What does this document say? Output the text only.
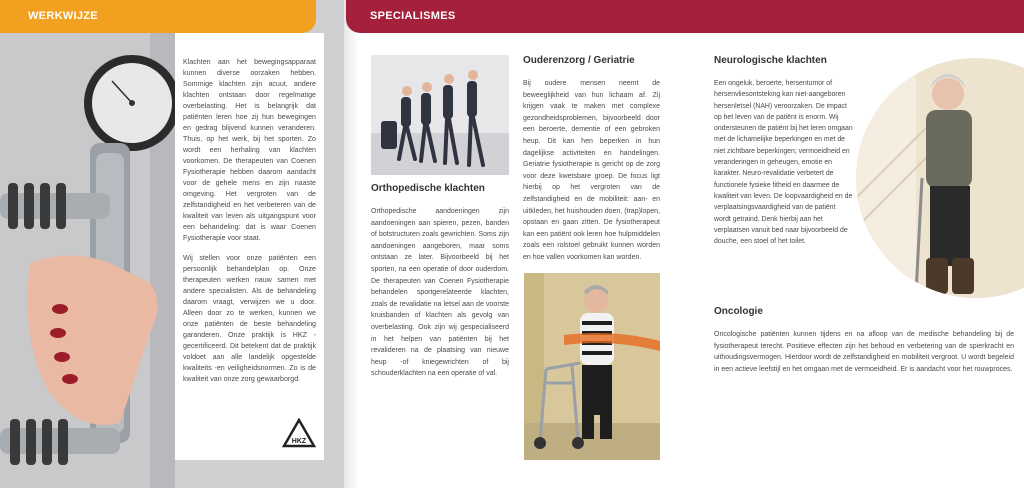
WERKWIJZE

Klachten aan het bewegingsapparaat kunnen diverse oorzaken hebben. Sommige klachten zijn acuut, andere klachten ontstaan door regelmatige overbelasting. Het is belangrijk dat patiënten leren hoe zij hun bewegingen en gedrag blijvend kunnen veranderen. Thuis, op het werk, bij het sporten. Zo wordt een herhaling van klachten voorkomen. De therapeuten van Coenen Fysiotherapie hebben daarom aandacht voor de gehele mens en zijn naaste omgeving. Het vergroten van de zelfstandigheid en het verbeteren van de kwaliteit van leven als uitgangspunt voor een behandeling: dat is waar Coenen Fysiotherapie voor staat.

Wij stellen voor onze patiënten een persoonlijk behandelplan op. Onze therapeuten werken nauw samen met andere specialisten. Als de behandeling daarom vraagt, verwijzen we u door. Alleen door zo te werken, kunnen we onze patiënten de beste behandeling garanderen. Onze praktijk is HKZ -gecertificeerd. Dit betekent dat de praktijk voldoet aan alle landelijk opgestelde kwaliteits -en veiligheidsnormen. Zo is de kwaliteit van onze zorg gewaarborgd.

HKZ
SPECIALISMES
Orthopedische klachten

Orthopedische aandoeningen zijn aandoeningen aan spieren, pezen, banden of botstructuren zoals gewrichten. Soms zijn aandoeningen aangeboren, maar soms ontstaan ze later. Bijvoorbeeld bij het sporten, na een operatie of door ouderdom. De therapeuten van Coenen Fysiotherapie behandelen sportgerelateerde klachten, zoals de revalidatie na letsel aan de voorste kruisbanden of klachten als gevolg van overbelasting. Ook zijn wij gespecialiseerd in het helpen van patiënten bij het revalideren na de plaatsing van nieuwe heup -of kniegewrichten of bij schouderklachten na een operatie of val.

Ouderenzorg / Geriatrie

Bij oudere mensen neemt de beweeglijkheid van hun lichaam af. Zij krijgen vaak te maken met complexe gezondheidsproblemen, bijvoorbeeld door een beroerte, dementie of een gebroken heup. Dit kan hen beperken in hun dagelijkse activiteiten en handelingen. Geriatrie fysiotherapie is gericht op de zorg voor deze kwetsbare groep. De focus ligt hierbij op het vergroten van de zelfstandigheid en de mobiliteit: aan- en uitkleden, het huishouden doen, (trap)lopen, opstaan en gaan zitten. De fysiotherapeut kan een patiënt ook leren hoe hulpmiddelen zoals een rolstoel gebruikt kunnen worden en hoe vallen voorkomen kan worden.

Neurologische klachten

Een ongeluk, beroerte, hersentumor of hersenvliesontsteking kan niet-aangeboren hersenletsel (NAH) veroorzaken. De impact op het leven van de patiënt is enorm. Wij ondersteunen de patiënt bij het leren omgaan met de lichamelijke beperkingen en met de niet zichtbare beperkingen; vermoeidheid en veranderingen in geheugen, emotie en karakter. Neuro-revalidatie verbetert de functionele fysieke fitheid en daarmee de kwaliteit van leven. De loopvaardigheid en de verplaatsingsvaardigheid van de patiënt wordt getraind. Denk hierbij aan het verplaatsen vanuit bed naar bijvoorbeeld de douche, een stoel of het toilet.

Oncologie

Oncologische patiënten kunnen tijdens en na afloop van de medische behandeling bij de fysiotherapeut terecht. Positieve effecten zijn het behoud en verbetering van de spierkracht en uithoudingsvermogen. Hierdoor wordt de zelfstandigheid en mobiliteit vergroot. U wordt begeleid in een actieve leefstijl en het omgaan met de vermoeidheid. Er is aandacht voor het rouwproces.
